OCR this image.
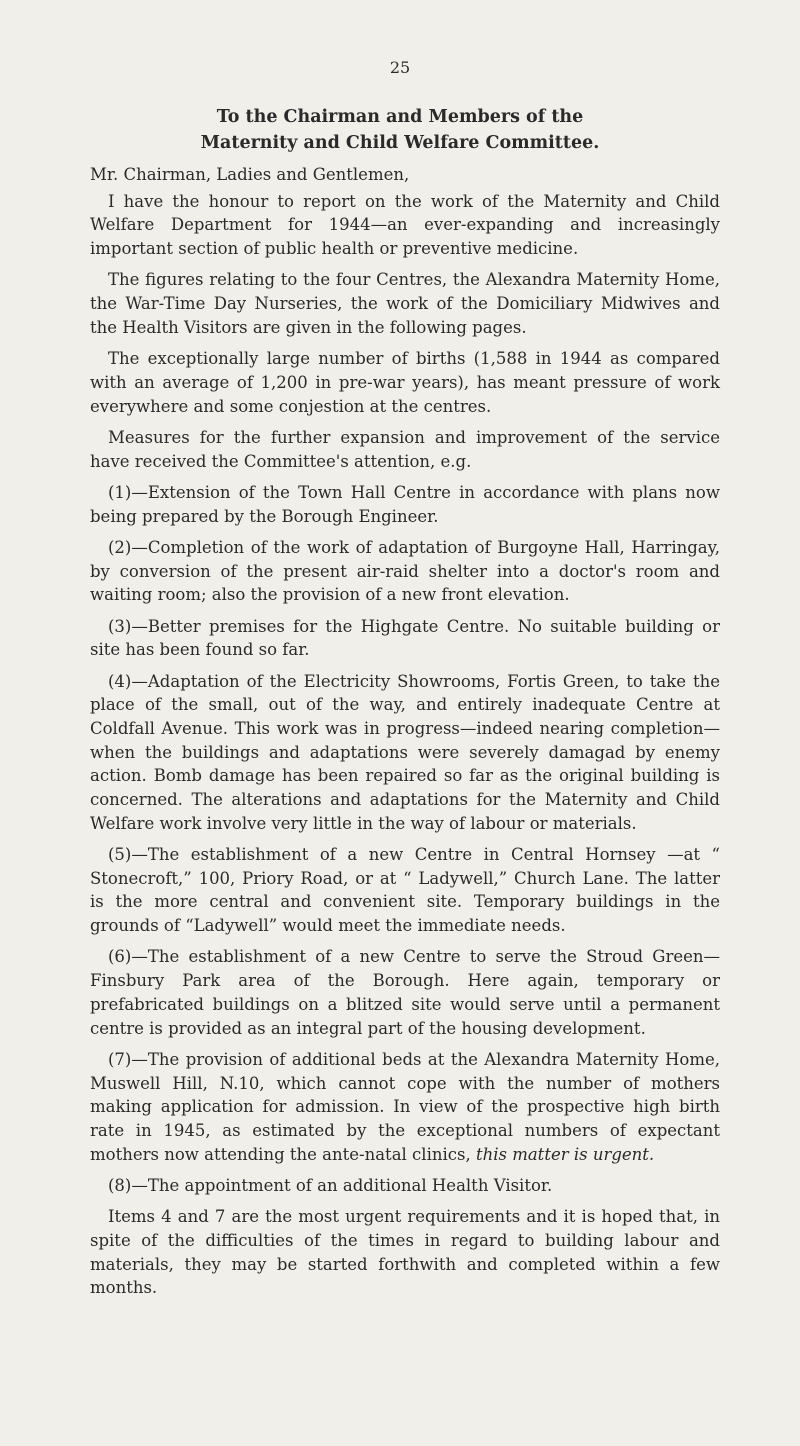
25
To the Chairman and Members of the
Maternity and Child Welfare Committee.

Mr. Chairman, Ladies and Gentlemen,

I have the honour to report on the work of the Maternity and Child Welfare Department for 1944—an ever-expanding and increasingly important section of public health or preventive medicine.

The figures relating to the four Centres, the Alexandra Maternity Home, the War-Time Day Nurseries, the work of the Domiciliary Midwives and the Health Visitors are given in the following pages.

The exceptionally large number of births (1,588 in 1944 as compared with an average of 1,200 in pre-war years), has meant pressure of work everywhere and some conjestion at the centres.

Measures for the further expansion and improvement of the service have received the Committee's attention, e.g.

(1)—Extension of the Town Hall Centre in accordance with plans now being prepared by the Borough Engineer.

(2)—Completion of the work of adaptation of Burgoyne Hall, Harringay, by conversion of the present air-raid shelter into a doctor's room and waiting room; also the provision of a new front elevation.

(3)—Better premises for the Highgate Centre. No suitable building or site has been found so far.

(4)—Adaptation of the Electricity Showrooms, Fortis Green, to take the place of the small, out of the way, and entirely inadequate Centre at Coldfall Avenue. This work was in progress—indeed nearing completion—when the buildings and adaptations were severely damagad by enemy action. Bomb damage has been repaired so far as the original building is concerned. The alterations and adaptations for the Maternity and Child Welfare work involve very little in the way of labour or materials.

(5)—The establishment of a new Centre in Central Hornsey —at “ Stonecroft,” 100, Priory Road, or at “ Ladywell,” Church Lane. The latter is the more central and convenient site. Temporary buildings in the grounds of “Ladywell” would meet the immediate needs.

(6)—The establishment of a new Centre to serve the Stroud Green—Finsbury Park area of the Borough. Here again, temporary or prefabricated buildings on a blitzed site would serve until a permanent centre is provided as an integral part of the housing development.

(7)—The provision of additional beds at the Alexandra Maternity Home, Muswell Hill, N.10, which cannot cope with the number of mothers making application for admission. In view of the prospective high birth rate in 1945, as estimated by the exceptional numbers of expectant mothers now attending the ante-natal clinics, this matter is urgent.

(8)—The appointment of an additional Health Visitor.

Items 4 and 7 are the most urgent requirements and it is hoped that, in spite of the difficulties of the times in regard to building labour and materials, they may be started forthwith and completed within a few months.
